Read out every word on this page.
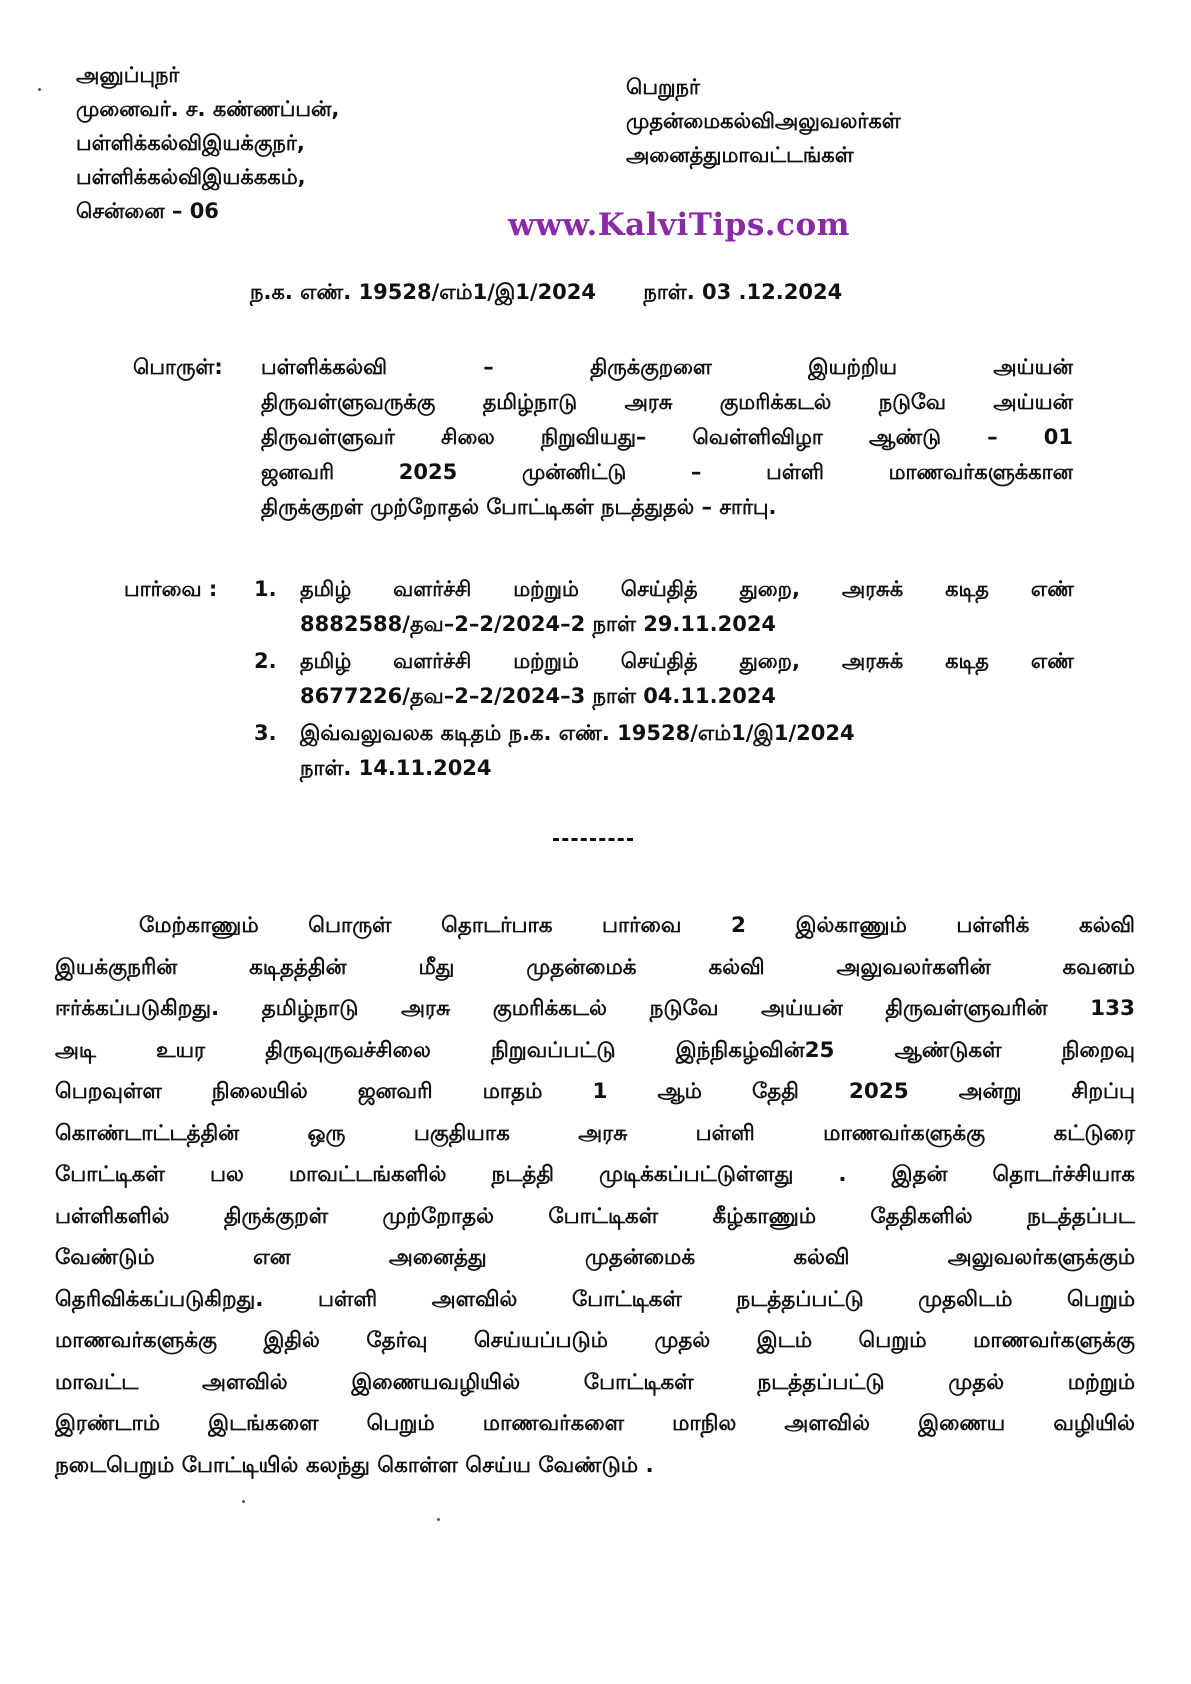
அனுப்புநர்
முனைவர். ச. கண்ணப்பன்,
பள்ளிக்கல்விஇயக்குநர்,
பள்ளிக்கல்விஇயக்ககம்,
சென்னை – 06
பெறுநர்
முதன்மைகல்விஅலுவலர்கள்
அனைத்துமாவட்டங்கள்
www.KalviTips.com
ந.க. எண். 19528/எம்1/இ1/2024 நாள். 03 .12.2024
பொருள்:	பள்ளிக்கல்வி – திருக்குறளை இயற்றிய அய்யன்
திருவள்ளுவருக்கு தமிழ்நாடு அரசு குமரிக்கடல் நடுவே அய்யன்
திருவள்ளுவர் சிலை நிறுவியது– வெள்ளிவிழா ஆண்டு – 01
ஜனவரி 2025 முன்னிட்டு – பள்ளி மாணவர்களுக்கான
திருக்குறள் முற்றோதல் போட்டிகள் நடத்துதல் – சார்பு.
பார்வை :	1. தமிழ் வளர்ச்சி மற்றும் செய்தித் துறை, அரசுக் கடித எண்
8882588/தவ–2–2/2024–2 நாள் 29.11.2024
2. தமிழ் வளர்ச்சி மற்றும் செய்தித் துறை, அரசுக் கடித எண்
8677226/தவ–2–2/2024–3 நாள் 04.11.2024
3. இவ்வலுவலக கடிதம் ந.க. எண். 19528/எம்1/இ1/2024
நாள். 14.11.2024
மேற்காணும் பொருள் தொடர்பாக பார்வை 2 இல்காணும் பள்ளிக் கல்வி
இயக்குநரின் கடிதத்தின் மீது முதன்மைக் கல்வி அலுவலர்களின் கவனம்
ஈர்க்கப்படுகிறது. தமிழ்நாடு அரசு குமரிக்கடல் நடுவே அய்யன் திருவள்ளுவரின் 133
அடி உயர திருவுருவச்சிலை நிறுவப்பட்டு இந்நிகழ்வின்25 ஆண்டுகள் நிறைவு
பெறவுள்ள நிலையில் ஜனவரி மாதம் 1 ஆம் தேதி 2025 அன்று சிறப்பு
கொண்டாட்டத்தின் ஒரு பகுதியாக அரசு பள்ளி மாணவர்களுக்கு கட்டுரை
போட்டிகள் பல மாவட்டங்களில் நடத்தி முடிக்கப்பட்டுள்ளது . இதன் தொடர்ச்சியாக
பள்ளிகளில் திருக்குறள் முற்றோதல் போட்டிகள் கீழ்காணும் தேதிகளில் நடத்தப்பட
வேண்டும் என அனைத்து முதன்மைக் கல்வி அலுவலர்களுக்கும்
தெரிவிக்கப்படுகிறது. பள்ளி அளவில் போட்டிகள் நடத்தப்பட்டு முதலிடம் பெறும்
மாணவர்களுக்கு இதில் தேர்வு செய்யப்படும் முதல் இடம் பெறும் மாணவர்களுக்கு
மாவட்ட அளவில் இணையவழியில் போட்டிகள் நடத்தப்பட்டு முதல் மற்றும்
இரண்டாம் இடங்களை பெறும் மாணவர்களை மாநில அளவில் இணைய வழியில்
நடைபெறும் போட்டியில் கலந்து கொள்ள செய்ய வேண்டும் .
